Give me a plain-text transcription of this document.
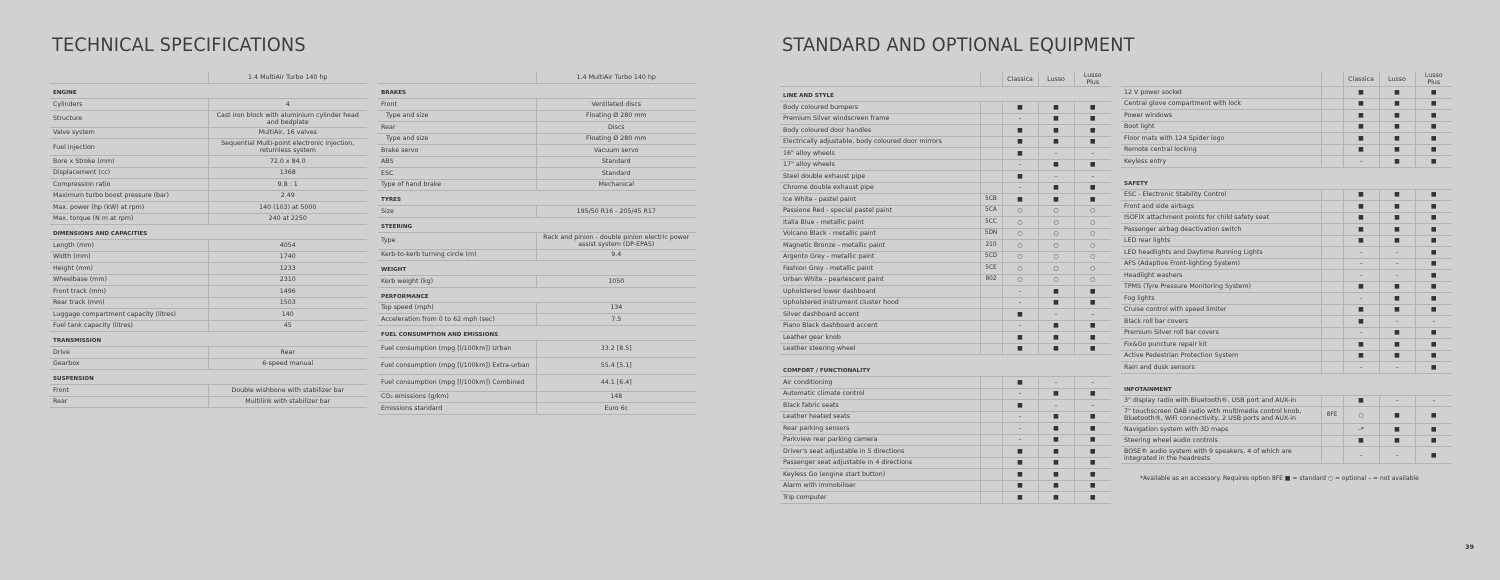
TECHNICAL SPECIFICATIONS	STANDARD AND OPTIONAL EQUIPMENT
	1.4 MultiAir Turbo 140 hp
ENGINE	
Cylinders	4
Structure	Cast iron block with aluminium cylinder head and bedplate
Valve system	MultiAir, 16 valves
Fuel injection	Sequential Multi-point electronic injection, returnless system
Bore x Stroke (mm)	72.0 x 84.0
Displacement (cc)	1368
Compression ratio	9.8 : 1
Maximum turbo boost pressure (bar)	2.49
Max. power (hp (kW) at rpm)	140 (103) at 5000
Max. torque (N m at rpm)	240 at 2250
DIMENSIONS AND CAPACITIES	
Length (mm)	4054
Width (mm)	1740
Height (mm)	1233
Wheelbase (mm)	2310
Front track (mm)	1496
Rear track (mm)	1503
Luggage compartment capacity (litres)	140
Fuel tank capacity (litres)	45
TRANSMISSION	
Drive	Rear
Gearbox	6-speed manual
SUSPENSION	
Front	Double wishbone with stabilizer bar
Rear	Multilink with stabilizer bar
	1.4 MultiAir Turbo 140 hp
BRAKES	
Front	Ventilated discs
Type and size	Floating Ø 280 mm
Rear	Discs
Type and size	Floating Ø 280 mm
Brake servo	Vacuum servo
ABS	Standard
ESC	Standard
Type of hand brake	Mechanical
TYRES	
Size	195/50 R16 - 205/45 R17
STEERING	
Type	Rack and pinion - double pinion electric power assist system (DP-EPAS)
Kerb-to-kerb turning circle (m)	9.4
WEIGHT	
Kerb weight (kg)	1050
PERFORMANCE	
Top speed (mph)	134
Acceleration from 0 to 62 mph (sec)	7.5
FUEL CONSUMPTION AND EMISSIONS	
Fuel consumption (mpg [l/100km]) Urban	33.2 [8.5]
Fuel consumption (mpg [l/100km]) Extra-urban	55.4 [5.1]
Fuel consumption (mpg [l/100km]) Combined	44.1 [6.4]
CO₂ emissions (g/km)	148
Emissions standard	Euro 6c
		Classica	Lusso	Lusso Plus
LINE AND STYLE				
Body coloured bumpers		■	■	■
Premium Silver windscreen frame		–	■	■
Body coloured door handles		■	■	■
Electrically adjustable, body coloured door mirrors		■	■	■
16" alloy wheels		■	–	–
17" alloy wheels		–	■	■
Steel double exhaust pipe		■	–	–
Chrome double exhaust pipe		–	■	■
Ice White - pastel paint	5CB	■	■	■
Passione Red - special pastel paint	5CA	○	○	○
Italia Blue - metallic paint	5CC	○	○	○
Volcano Black - metallic paint	5DN	○	○	○
Magnetic Bronze - metallic paint	210	○	○	○
Argento Grey - metallic paint	5CD	○	○	○
Fashion Grey - metallic paint	5CE	○	○	○
Urban White - pearlescent paint	802	○	○	○
Upholstered lower dashboard		–	■	■
Upholstered instrument cluster hood		–	■	■
Silver dashboard accent		■	–	–
Piano Black dashboard accent		–	■	■
Leather gear knob		■	■	■
Leather steering wheel		■	■	■
COMFORT / FUNCTIONALITY				
Air conditioning		■	–	–
Automatic climate control		–	■	■
Black fabric seats		■	–	–
Leather heated seats		–	■	■
Rear parking sensors		–	■	■
Parkview rear parking camera		–	■	■
Driver's seat adjustable in 5 directions		■	■	■
Passenger seat adjustable in 4 directions		■	■	■
Keyless Go (engine start button)		■	■	■
Alarm with immobiliser		■	■	■
Trip computer		■	■	■
		Classica	Lusso	Lusso Plus
12 V power socket		■	■	■
Central glove compartment with lock		■	■	■
Power windows		■	■	■
Boot light		■	■	■
Floor mats with 124 Spider logo		■	■	■
Remote central locking		■	■	■
Keyless entry		–	■	■
SAFETY				
ESC - Electronic Stability Control		■	■	■
Front and side airbags		■	■	■
ISOFIX attachment points for child safety seat		■	■	■
Passenger airbag deactivation switch		■	■	■
LED rear lights		■	■	■
LED headlights and Daytime Running Lights		–	–	■
AFS (Adaptive Front-lighting System)		–	–	■
Headlight washers		–	–	■
TPMS (Tyre Pressure Monitoring System)		■	■	■
Fog lights		–	■	■
Cruise control with speed limiter		■	■	■
Black roll bar covers		■	–	–
Premium Silver roll bar covers		–	■	■
Fix&Go puncture repair kit		■	■	■
Active Pedestrian Protection System		■	■	■
Rain and dusk sensors		–	–	■
INFOTAINMENT				
3" display radio with Bluetooth®, USB port and AUX-in		■	–	–
7" touchscreen DAB radio with multimedia control knob, Bluetooth®, WiFi connectivity, 2 USB ports and AUX-in	8FE	○	■	■
Navigation system with 3D maps		–*	■	■
Steering wheel audio controls		■	■	■
BOSE® audio system with 9 speakers, 4 of which are integrated in the headrests		–	–	■
*Available as an accessory. Requires option 8FE ■ = standard ○ = optional – = not available
39
